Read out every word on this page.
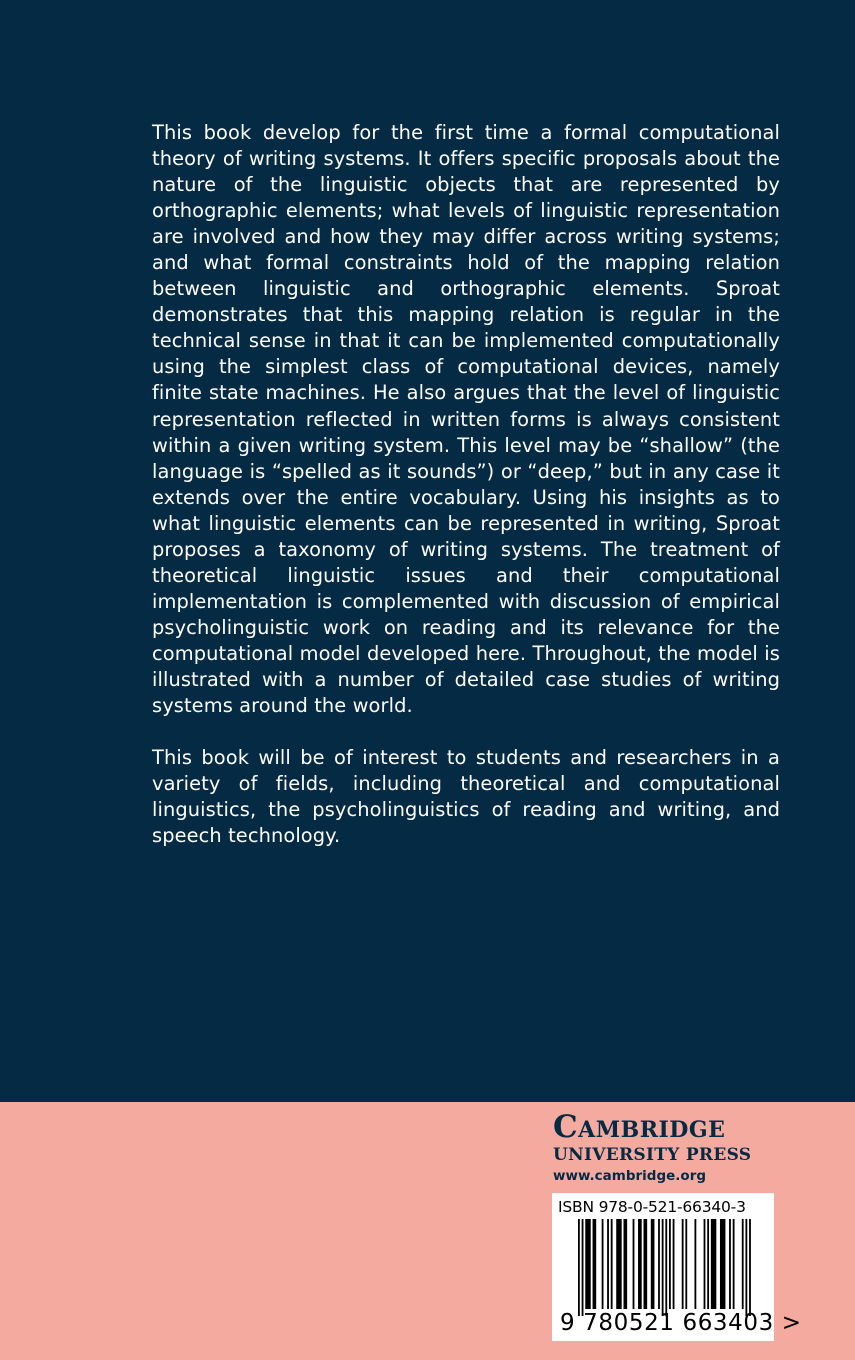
This book develop for the first time a formal computational theory of writing systems. It offers specific proposals about the nature of the linguistic objects that are represented by orthographic elements; what levels of linguistic representation are involved and how they may differ across writing systems; and what formal constraints hold of the mapping relation between linguistic and orthographic elements. Sproat demonstrates that this mapping relation is regular in the technical sense in that it can be implemented computationally using the simplest class of computational devices, namely finite state machines. He also argues that the level of linguistic representation reflected in written forms is always consistent within a given writing system. This level may be “shallow” (the language is “spelled as it sounds”) or “deep,” but in any case it extends over the entire vocabulary. Using his insights as to what linguistic elements can be represented in writing, Sproat proposes a taxonomy of writing systems. The treatment of theoretical linguistic issues and their computational implementation is complemented with discussion of empirical psycholinguistic work on reading and its relevance for the computational model developed here. Throughout, the model is illustrated with a number of detailed case studies of writing systems around the world.

This book will be of interest to students and researchers in a variety of fields, including theoretical and computational linguistics, the psycholinguistics of reading and writing, and speech technology.

Cambridge
UNIVERSITY PRESS
www.cambridge.org
ISBN 978-0-521-66340-3
9 780521 663403 >
